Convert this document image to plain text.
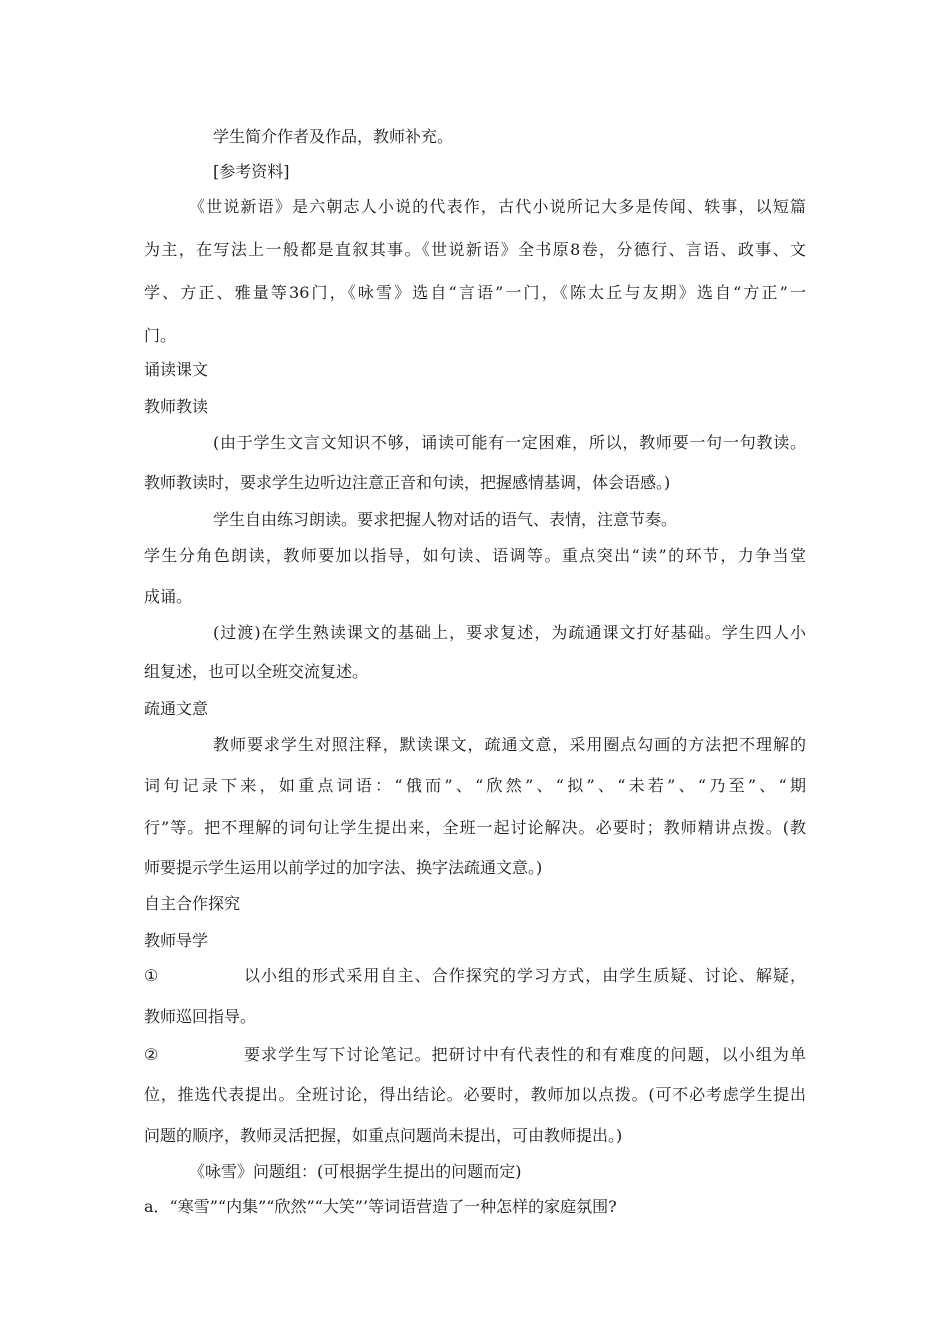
学生简介作者及作品，教师补充。
[参考资料]
《世说新语》是六朝志人小说的代表作，古代小说所记大多是传闻、轶事，以短篇
为主，在写法上一般都是直叙其事。《世说新语》全书原8卷，分德行、言语、政事、文
学、方正、雅量等36门，《咏雪》选自“言语”一门，《陈太丘与友期》选自“方正”一
门。
诵读课文
教师教读
(由于学生文言文知识不够，诵读可能有一定困难，所以，教师要一句一句教读。
教师教读时，要求学生边听边注意正音和句读，把握感情基调，体会语感。)
学生自由练习朗读。要求把握人物对话的语气、表情，注意节奏。
学生分角色朗读，教师要加以指导，如句读、语调等。重点突出“读”的环节，力争当堂
成诵。
(过渡)在学生熟读课文的基础上，要求复述，为疏通课文打好基础。学生四人小
组复述，也可以全班交流复述。
疏通文意
教师要求学生对照注释，默读课文，疏通文意，采用圈点勾画的方法把不理解的
词句记录下来，如重点词语：“俄而”、“欣然”、“拟”、“未若”、“乃至”、“期
行”等。把不理解的词句让学生提出来，全班一起讨论解决。必要时；教师精讲点拨。(教
师要提示学生运用以前学过的加字法、换字法疏通文意。)
自主合作探究
教师导学
①	以小组的形式采用自主、合作探究的学习方式，由学生质疑、讨论、解疑，
教师巡回指导。
②	要求学生写下讨论笔记。把研讨中有代表性的和有难度的问题，以小组为单
位，推选代表提出。全班讨论，得出结论。必要时，教师加以点拨。(可不必考虑学生提出
问题的顺序，教师灵活把握，如重点问题尚未提出，可由教师提出。)
《咏雪》问题组：(可根据学生提出的问题而定)
a．“寒雪”“内集”“欣然”“大笑”’等词语营造了一种怎样的家庭氛围?
